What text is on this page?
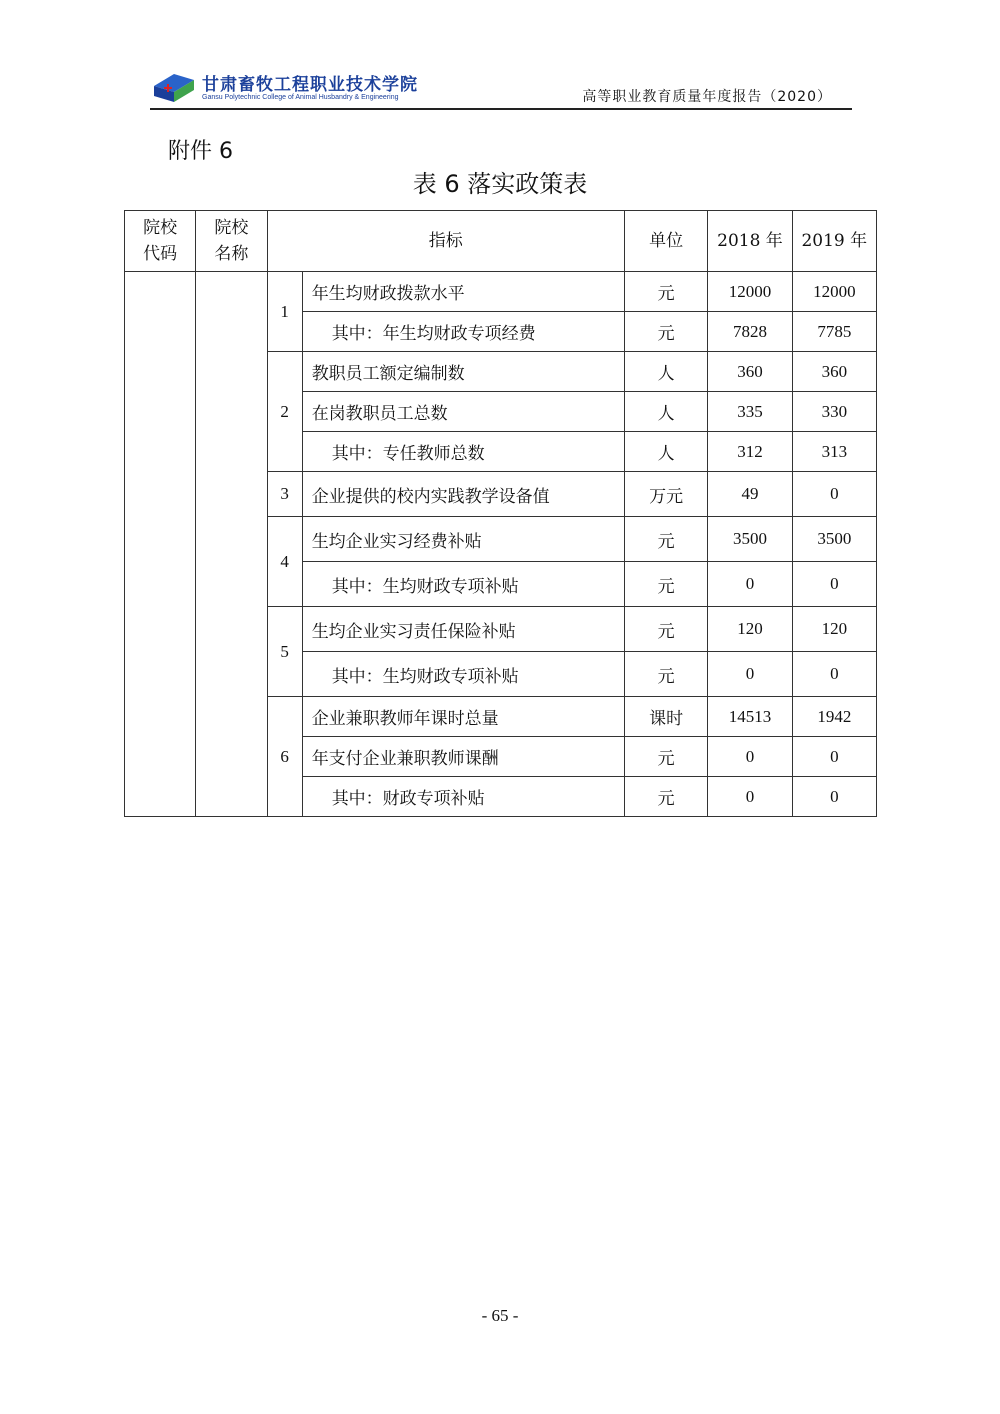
甘肃畜牧工程职业技术学院
Gansu Polytechnic College of Animal Husbandry & Engineering	高等职业教育质量年度报告（2020）
附件 6
表 6 落实政策表
院校代码	院校名称	指标		单位	2018 年	2019 年
		1	年生均财政拨款水平	元	12000	12000
			其中：年生均财政专项经费	元	7828	7785
		2	教职员工额定编制数	人	360	360
			在岗教职员工总数	人	335	330
			其中：专任教师总数	人	312	313
		3	企业提供的校内实践教学设备值	万元	49	0
		4	生均企业实习经费补贴	元	3500	3500
			其中：生均财政专项补贴	元	0	0
		5	生均企业实习责任保险补贴	元	120	120
			其中：生均财政专项补贴	元	0	0
		6	企业兼职教师年课时总量	课时	14513	1942
			年支付企业兼职教师课酬	元	0	0
			其中：财政专项补贴	元	0	0
- 65 -
